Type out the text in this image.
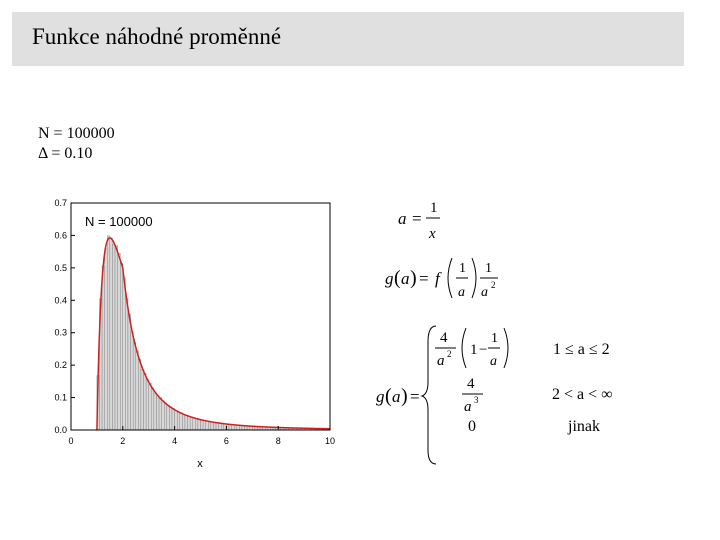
Funkce náhodné proměnné
N = 100000
Δ = 0.10
0	2	4	6	8	10
0.0
0.1
0.2
0.3
0.4
0.5
0.6
0.7
N = 100000
x
a =
1
x
g ( a ) = f
1
a
1
a 2
g ( a ) =
4
a 2 1 −
1
a
1 ≤ a ≤ 2
4
a 3	2 < a < ∞
0	jinak
